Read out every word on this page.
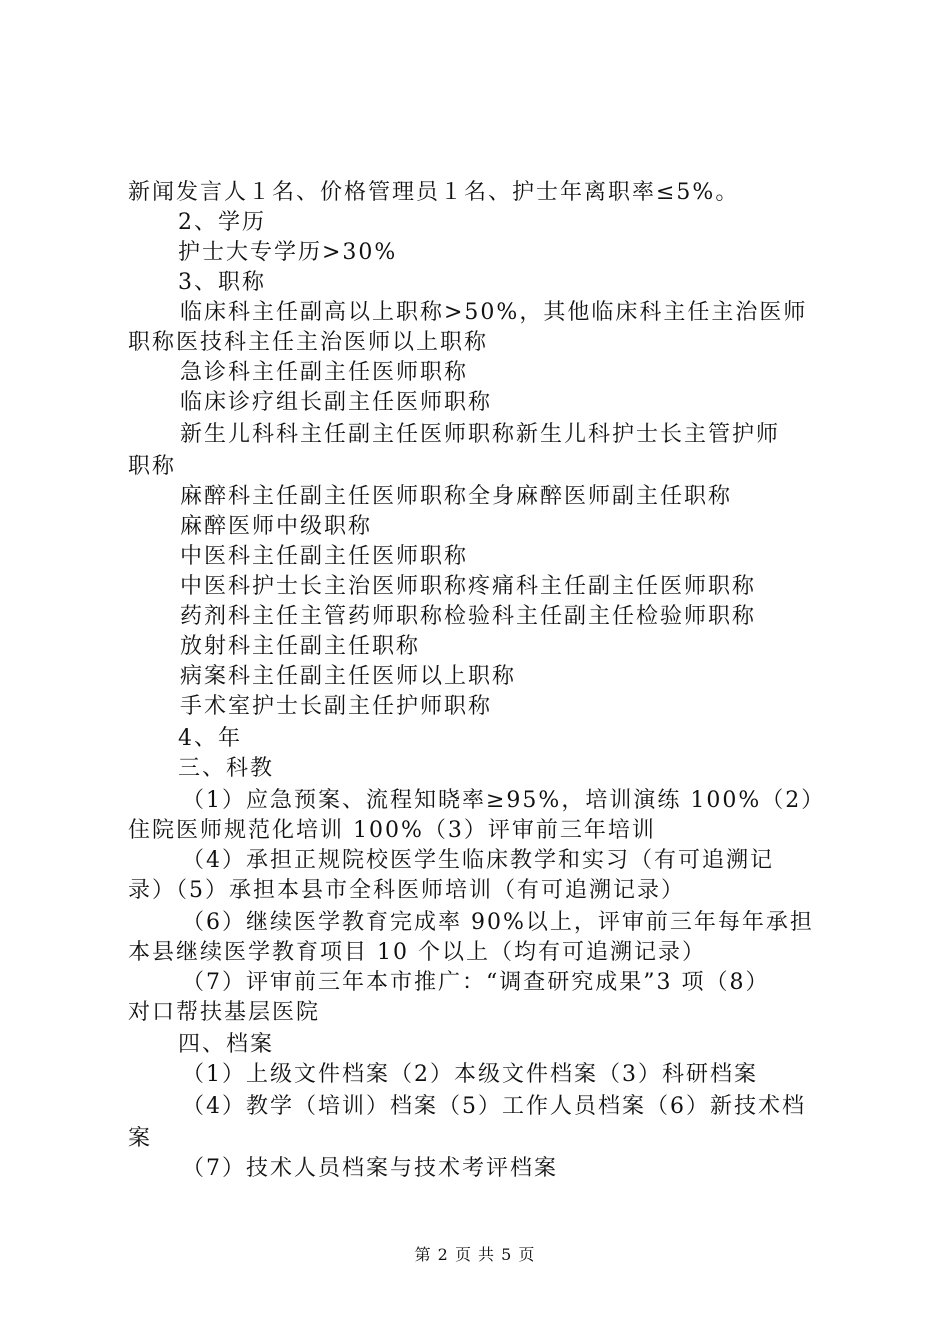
新闻发言人１名、价格管理员１名、护士年离职率≤5%。
2、学历
护士大专学历>30%
3、职称
临床科主任副高以上职称>50%，其他临床科主任主治医师
职称医技科主任主治医师以上职称
急诊科主任副主任医师职称
临床诊疗组长副主任医师职称
新生儿科科主任副主任医师职称新生儿科护士长主管护师
职称
麻醉科主任副主任医师职称全身麻醉医师副主任职称
麻醉医师中级职称
中医科主任副主任医师职称
中医科护士长主治医师职称疼痛科主任副主任医师职称
药剂科主任主管药师职称检验科主任副主任检验师职称
放射科主任副主任职称
病案科主任副主任医师以上职称
手术室护士长副主任护师职称
4、年
三、科教
（1）应急预案、流程知晓率≥95%，培训演练 100%（2）
住院医师规范化培训 100%（3）评审前三年培训
（4）承担正规院校医学生临床教学和实习（有可追溯记
录）（5）承担本县市全科医师培训（有可追溯记录）
（6）继续医学教育完成率 90%以上，评审前三年每年承担
本县继续医学教育项目 10 个以上（均有可追溯记录）
（7）评审前三年本市推广：“调查研究成果”3 项（8）
对口帮扶基层医院
四、档案
（1）上级文件档案（2）本级文件档案（3）科研档案
（4）教学（培训）档案（5）工作人员档案（6）新技术档
案
（7）技术人员档案与技术考评档案
第 2 页 共 5 页
